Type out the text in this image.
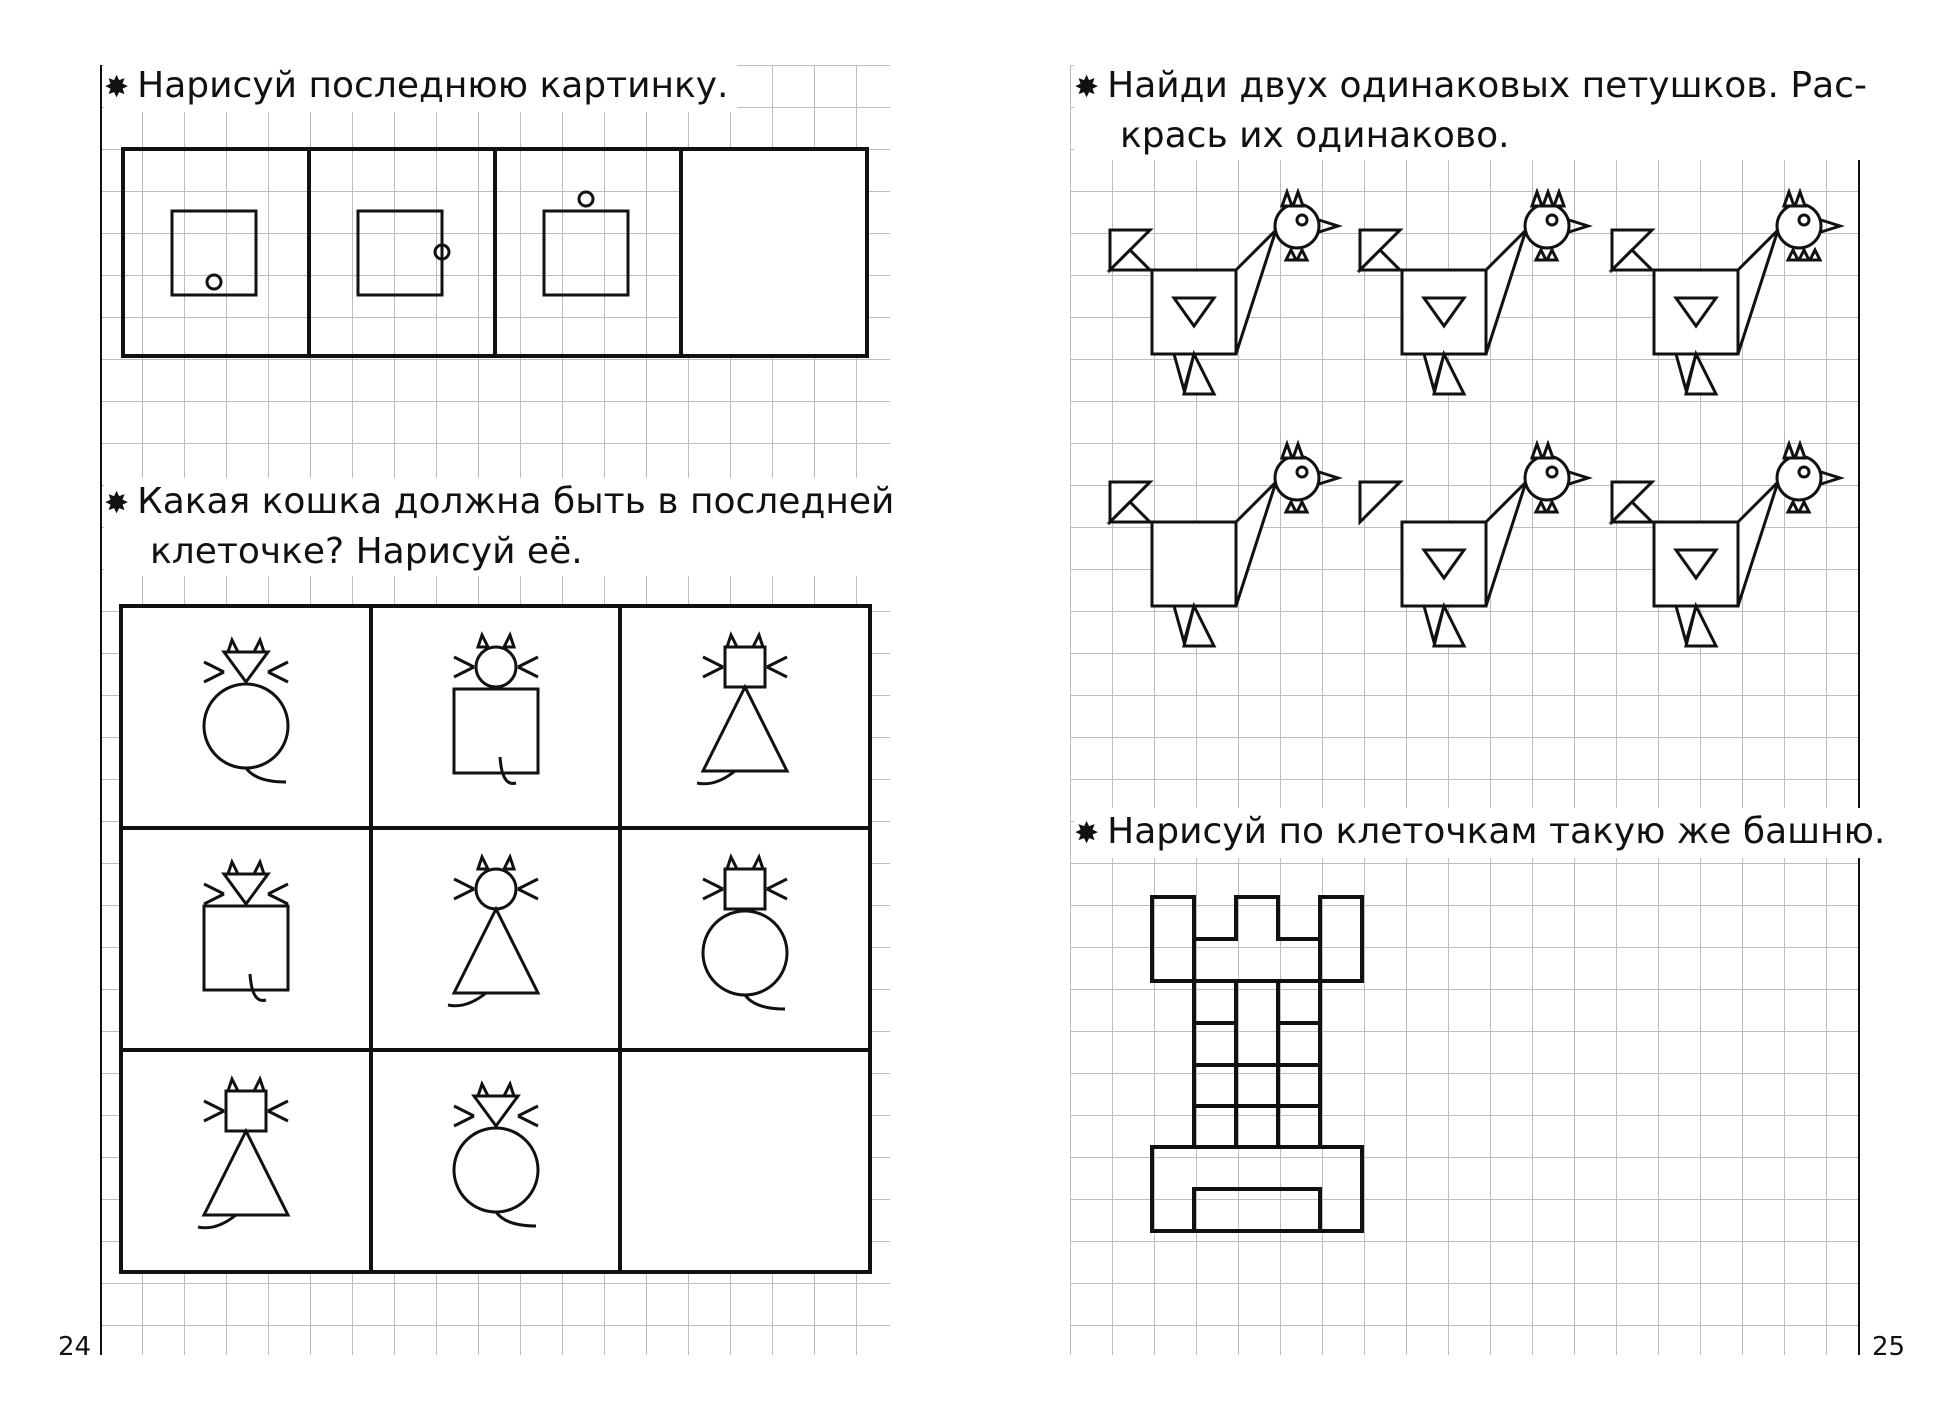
✸ Нарисуй последнюю картинку.
✸ Какая кошка должна быть в последней
клеточке? Нарисуй её.
✸ Найди двух одинаковых петушков. Рас-
крась их одинаково.
✸ Нарисуй по клеточкам такую же башню.
24	25
